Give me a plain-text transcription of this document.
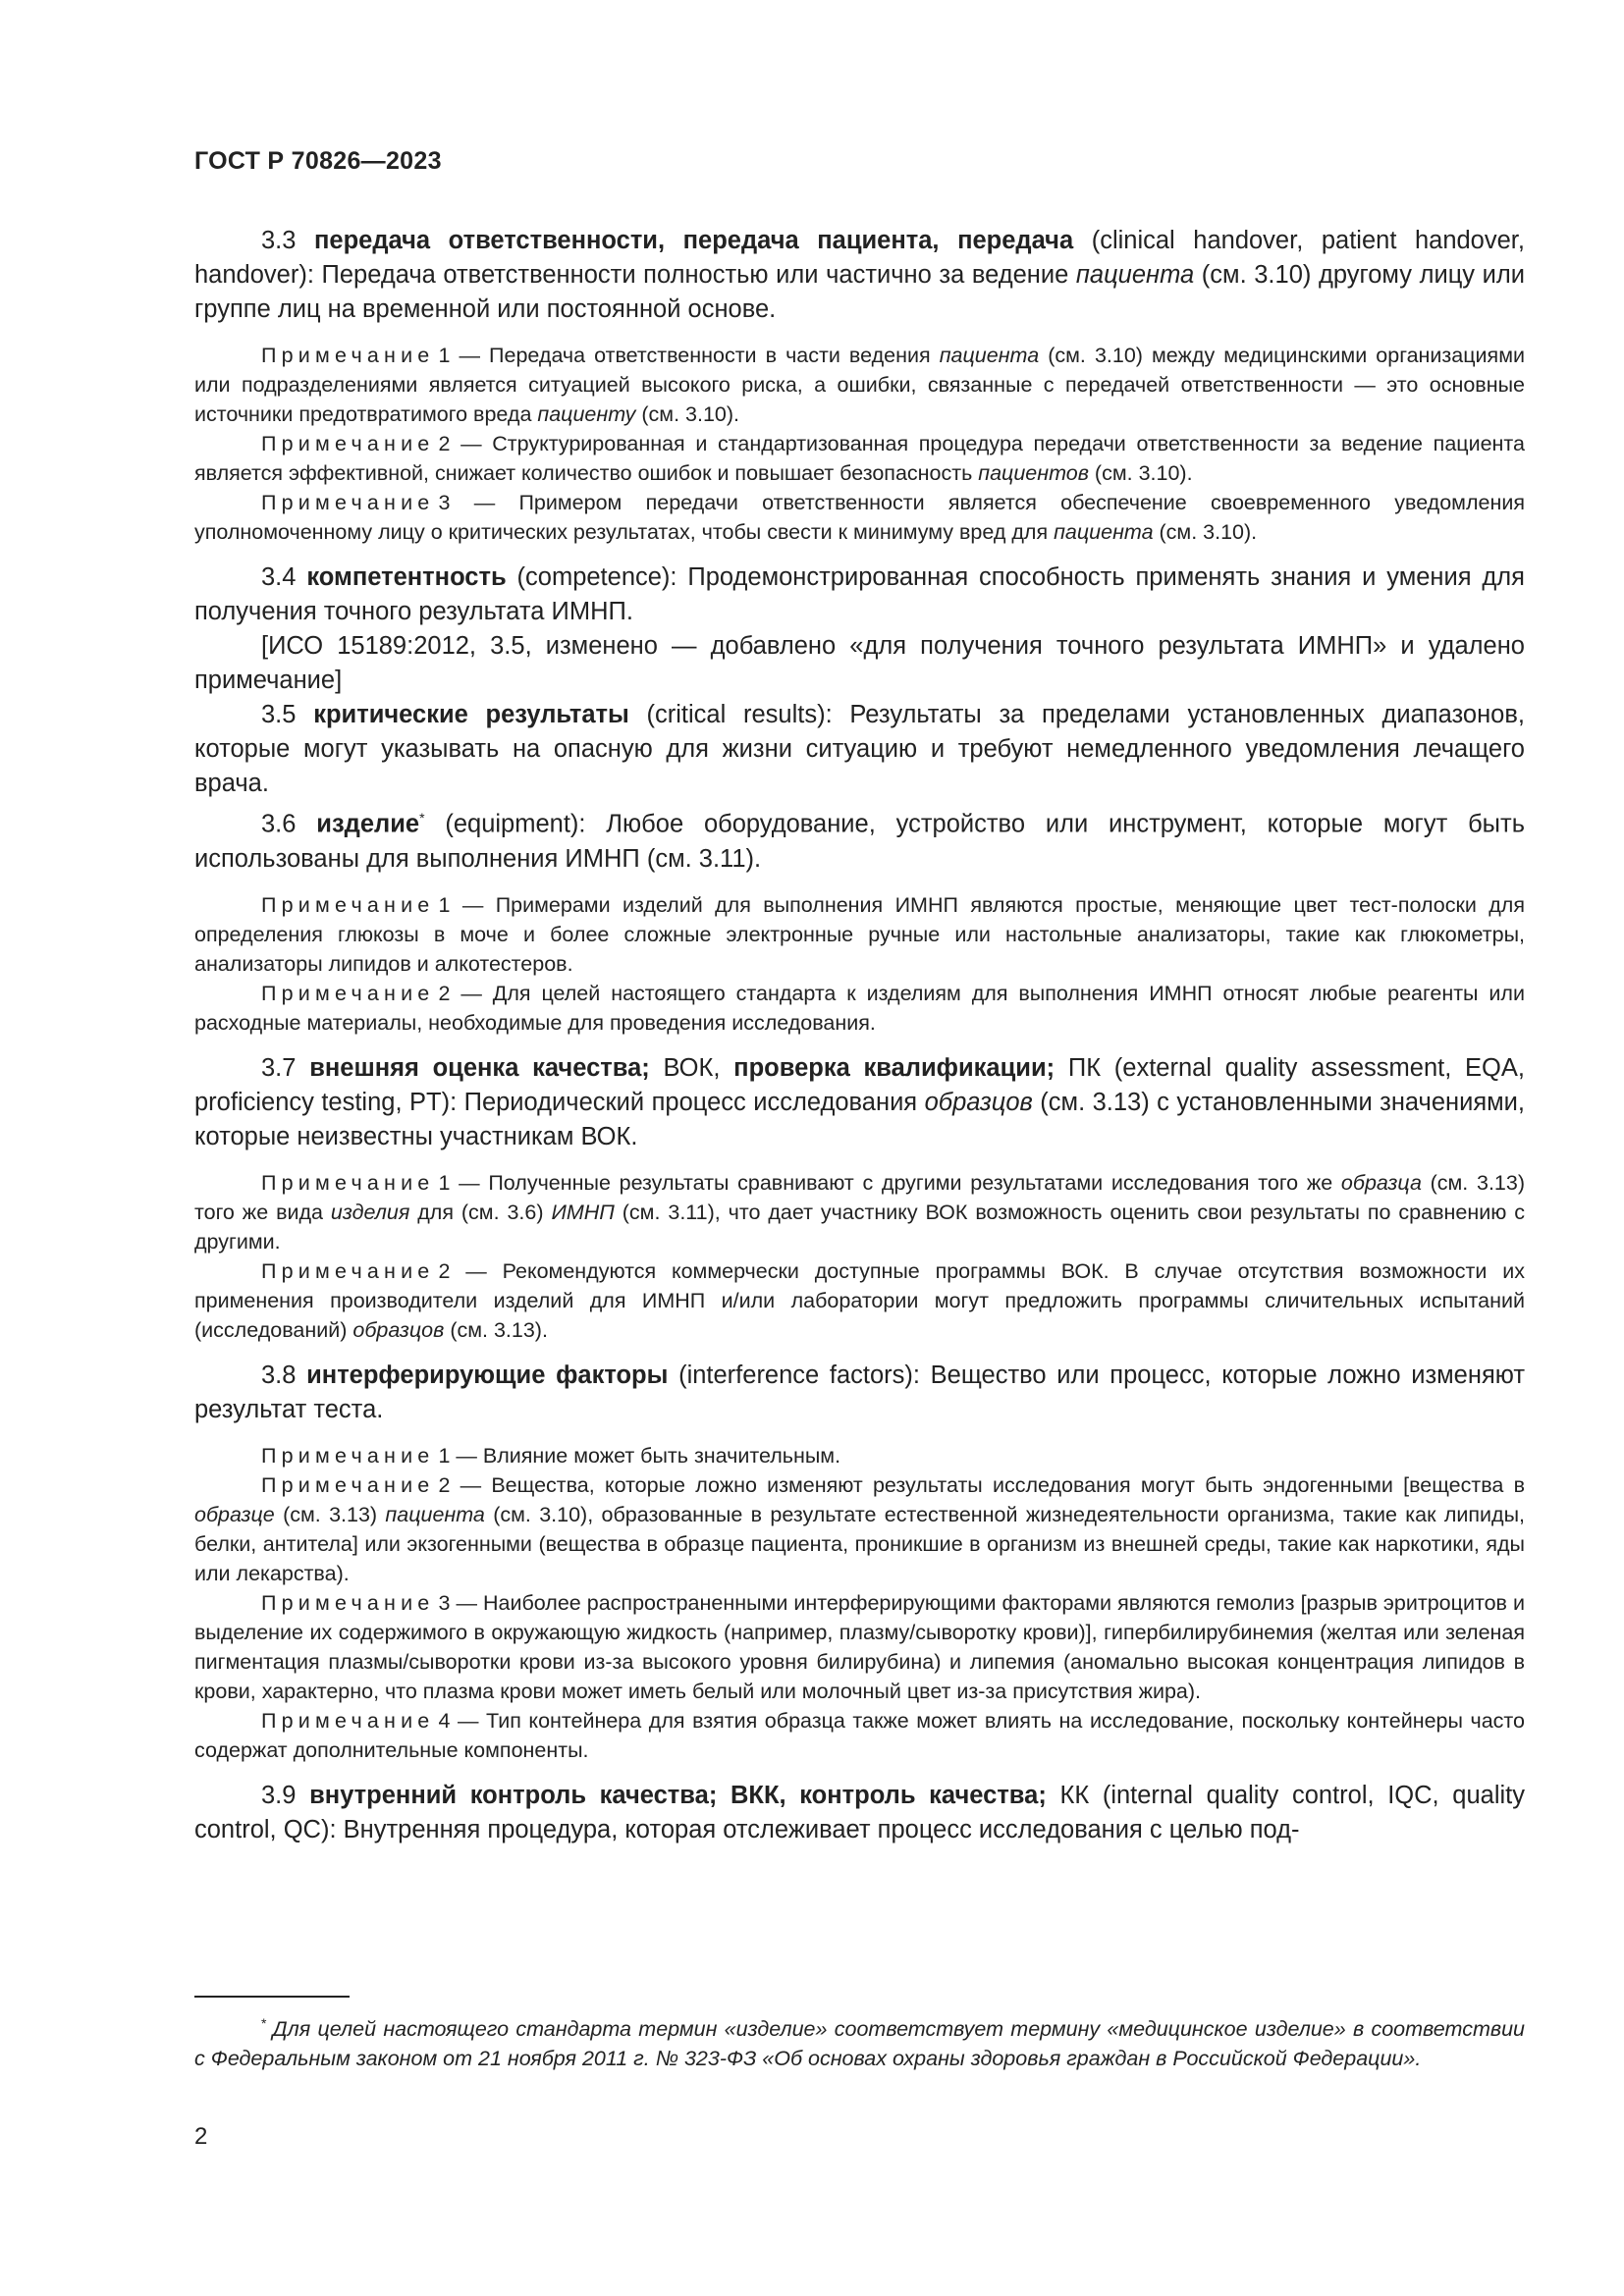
ГОСТ Р 70826—2023

3.3 передача ответственности, передача пациента, передача (clinical handover, patient handover, handover): Передача ответственности полностью или частично за ведение пациента (см. 3.10) другому лицу или группе лиц на временной или постоянной основе.

Примечание 1 — Передача ответственности в части ведения пациента (см. 3.10) между медицинскими организациями или подразделениями является ситуацией высокого риска, а ошибки, связанные с передачей ответственности — это основные источники предотвратимого вреда пациенту (см. 3.10).

Примечание 2 — Структурированная и стандартизованная процедура передачи ответственности за ведение пациента является эффективной, снижает количество ошибок и повышает безопасность пациентов (см. 3.10).

Примечание 3 — Примером передачи ответственности является обеспечение своевременного уведомления уполномоченному лицу о критических результатах, чтобы свести к минимуму вред для пациента (см. 3.10).

3.4 компетентность (competence): Продемонстрированная способность применять знания и умения для получения точного результата ИМНП.

[ИСО 15189:2012, 3.5, изменено — добавлено «для получения точного результата ИМНП» и удалено примечание]

3.5 критические результаты (critical results): Результаты за пределами установленных диапазонов, которые могут указывать на опасную для жизни ситуацию и требуют немедленного уведомления лечащего врача.

3.6 изделие* (equipment): Любое оборудование, устройство или инструмент, которые могут быть использованы для выполнения ИМНП (см. 3.11).

Примечание 1 — Примерами изделий для выполнения ИМНП являются простые, меняющие цвет тест-полоски для определения глюкозы в моче и более сложные электронные ручные или настольные анализаторы, такие как глюкометры, анализаторы липидов и алкотестеров.

Примечание 2 — Для целей настоящего стандарта к изделиям для выполнения ИМНП относят любые реагенты или расходные материалы, необходимые для проведения исследования.

3.7 внешняя оценка качества; ВОК, проверка квалификации; ПК (external quality assessment, EQA, proficiency testing, PT): Периодический процесс исследования образцов (см. 3.13) с установленными значениями, которые неизвестны участникам ВОК.

Примечание 1 — Полученные результаты сравнивают с другими результатами исследования того же образца (см. 3.13) того же вида изделия для (см. 3.6) ИМНП (см. 3.11), что дает участнику ВОК возможность оценить свои результаты по сравнению с другими.

Примечание 2 — Рекомендуются коммерчески доступные программы ВОК. В случае отсутствия возможности их применения производители изделий для ИМНП и/или лаборатории могут предложить программы сличительных испытаний (исследований) образцов (см. 3.13).

3.8 интерферирующие факторы (interference factors): Вещество или процесс, которые ложно изменяют результат теста.

Примечание 1 — Влияние может быть значительным.

Примечание 2 — Вещества, которые ложно изменяют результаты исследования могут быть эндогенными [вещества в образце (см. 3.13) пациента (см. 3.10), образованные в результате естественной жизнедеятельности организма, такие как липиды, белки, антитела] или экзогенными (вещества в образце пациента, проникшие в организм из внешней среды, такие как наркотики, яды или лекарства).

Примечание 3 — Наиболее распространенными интерферирующими факторами являются гемолиз [разрыв эритроцитов и выделение их содержимого в окружающую жидкость (например, плазму/сыворотку крови)], гипербилирубинемия (желтая или зеленая пигментация плазмы/сыворотки крови из-за высокого уровня билирубина) и липемия (аномально высокая концентрация липидов в крови, характерно, что плазма крови может иметь белый или молочный цвет из-за присутствия жира).

Примечание 4 — Тип контейнера для взятия образца также может влиять на исследование, поскольку контейнеры часто содержат дополнительные компоненты.

3.9 внутренний контроль качества; ВКК, контроль качества; КК (internal quality control, IQC, quality control, QC): Внутренняя процедура, которая отслеживает процесс исследования с целью под-

* Для целей настоящего стандарта термин «изделие» соответствует термину «медицинское изделие» в соответствии с Федеральным законом от 21 ноября 2011 г. № 323-ФЗ «Об основах охраны здоровья граждан в Российской Федерации».

2
